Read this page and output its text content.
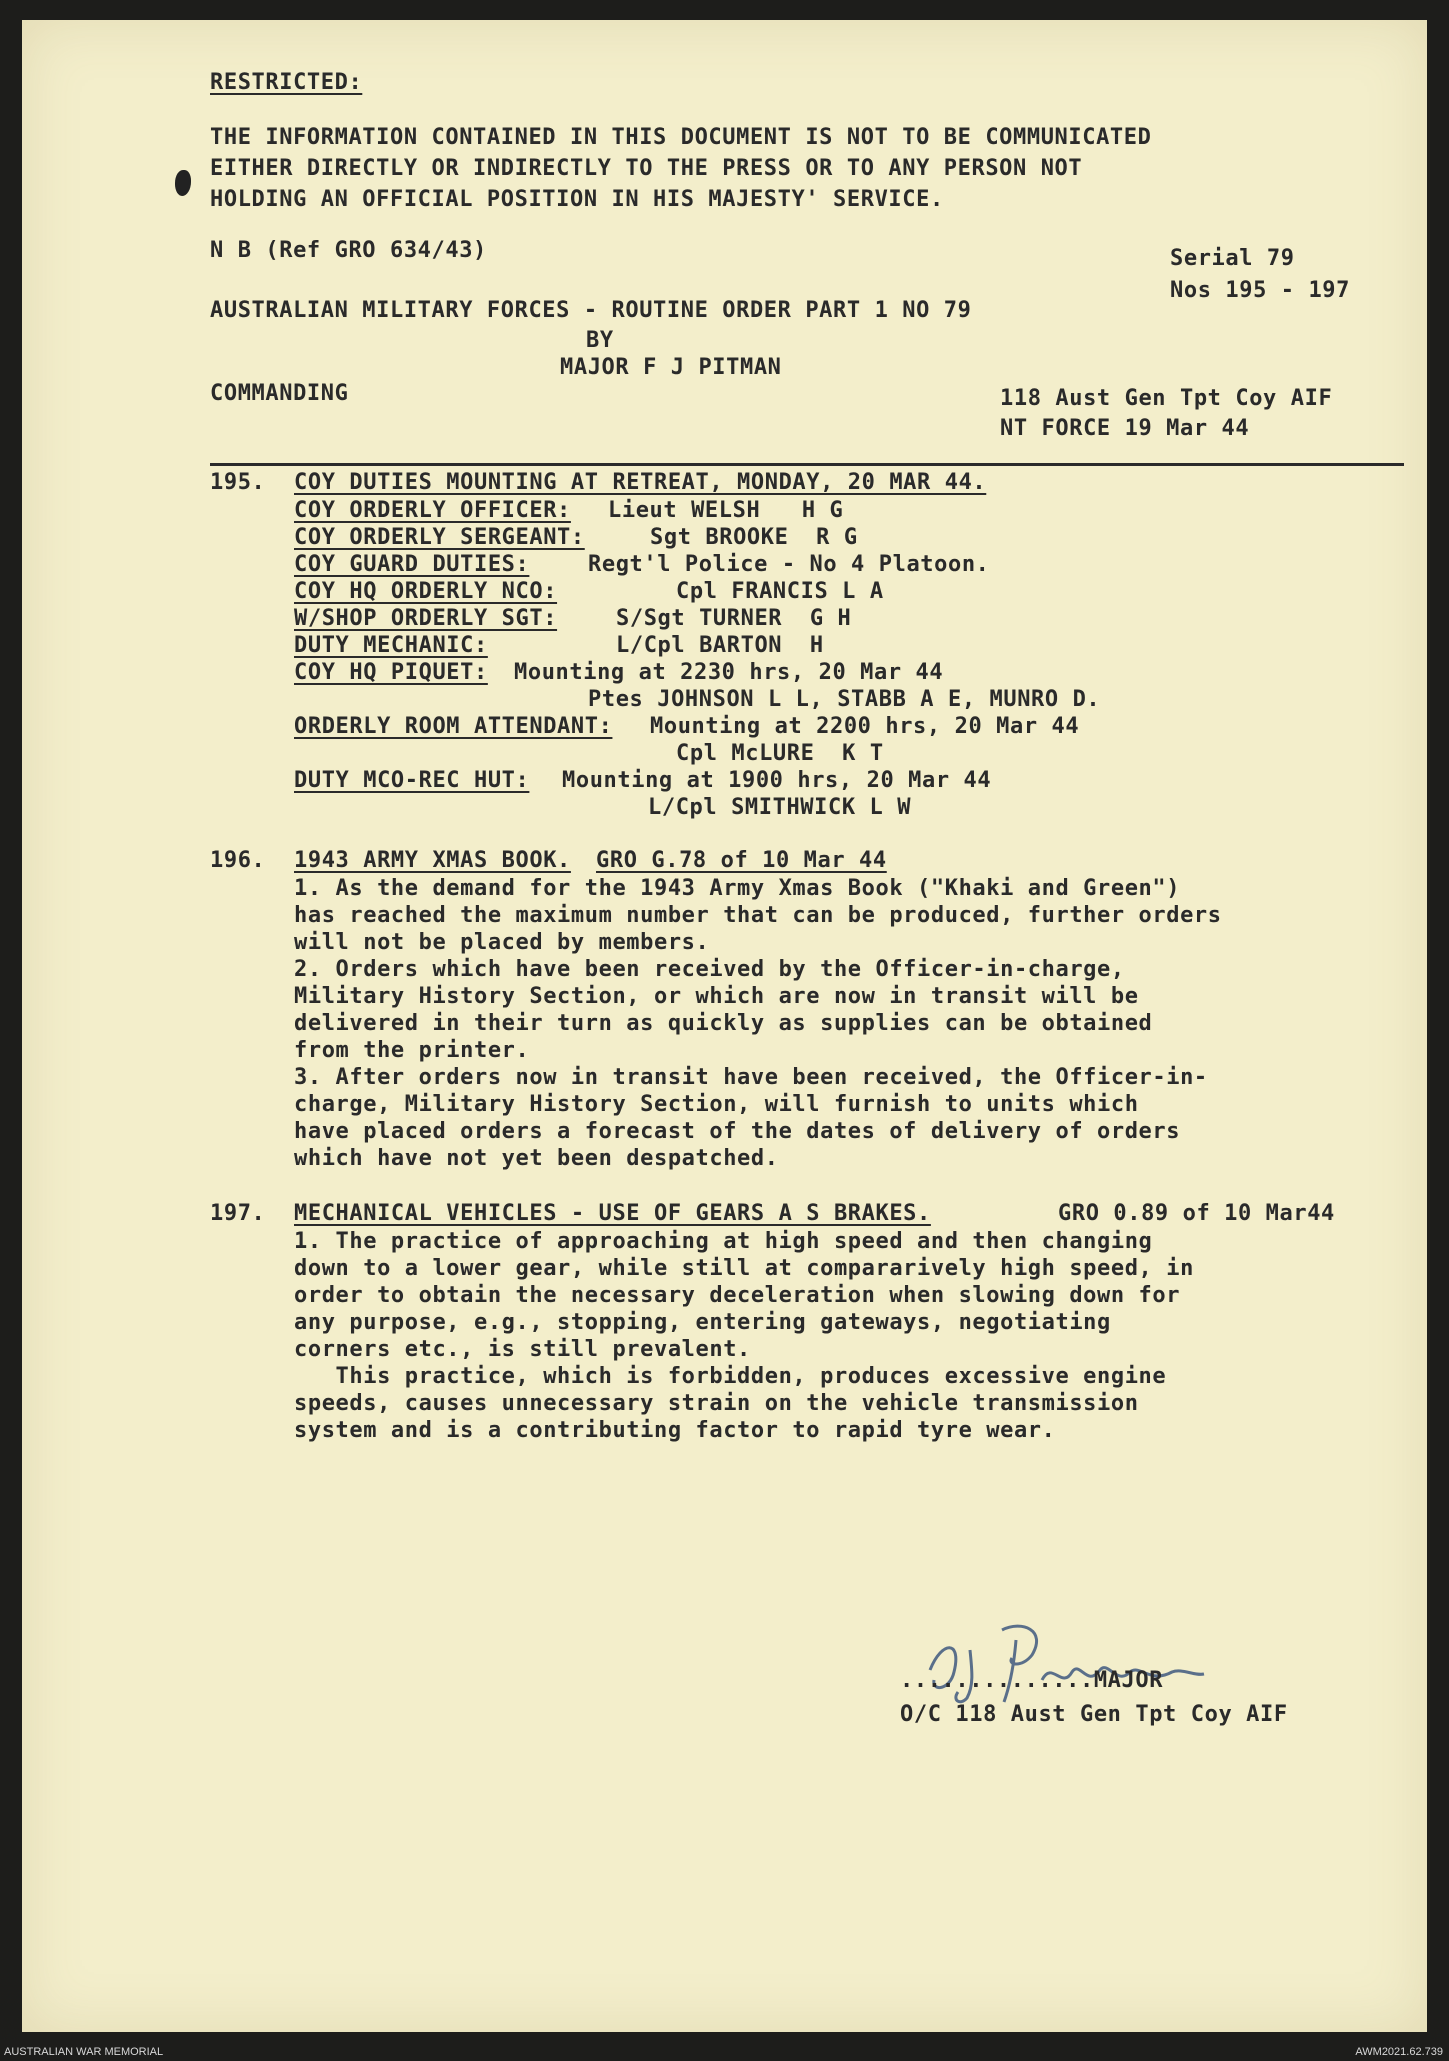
RESTRICTED:
THE INFORMATION CONTAINED IN THIS DOCUMENT IS NOT TO BE COMMUNICATED
EITHER DIRECTLY OR INDIRECTLY TO THE PRESS OR TO ANY PERSON NOT
HOLDING AN OFFICIAL POSITION IN HIS MAJESTY' SERVICE.
N B (Ref GRO 634/43)	Serial 79
Nos 195 - 197
AUSTRALIAN MILITARY FORCES - ROUTINE ORDER PART 1 NO 79
BY
MAJOR F J PITMAN
COMMANDING	118 Aust Gen Tpt Coy AIF
NT FORCE 19 Mar 44
195. COY DUTIES MOUNTING AT RETREAT, MONDAY, 20 MAR 44.
COY ORDERLY OFFICER: Lieut WELSH   H G
COY ORDERLY SERGEANT:	Sgt BROOKE  R G
COY GUARD DUTIES:	Regt'l Police - No 4 Platoon.
COY HQ ORDERLY NCO:	Cpl FRANCIS L A
W/SHOP ORDERLY SGT:	S/Sgt TURNER  G H
DUTY MECHANIC:	L/Cpl BARTON  H
COY HQ PIQUET: Mounting at 2230 hrs, 20 Mar 44
Ptes JOHNSON L L, STABB A E, MUNRO D.
ORDERLY ROOM ATTENDANT: Mounting at 2200 hrs, 20 Mar 44
Cpl McLURE  K T
DUTY MCO-REC HUT: Mounting at 1900 hrs, 20 Mar 44
L/Cpl SMITHWICK L W
196. 1943 ARMY XMAS BOOK. GRO G.78 of 10 Mar 44
1. As the demand for the 1943 Army Xmas Book ("Khaki and Green")
has reached the maximum number that can be produced, further orders
will not be placed by members.
2. Orders which have been received by the Officer-in-charge,
Military History Section, or which are now in transit will be
delivered in their turn as quickly as supplies can be obtained
from the printer.
3. After orders now in transit have been received, the Officer-in-
charge, Military History Section, will furnish to units which
have placed orders a forecast of the dates of delivery of orders
which have not yet been despatched.
197. MECHANICAL VEHICLES - USE OF GEARS A S BRAKES.	GRO 0.89 of 10 Mar44
1. The practice of approaching at high speed and then changing
down to a lower gear, while still at compararively high speed, in
order to obtain the necessary deceleration when slowing down for
any purpose, e.g., stopping, entering gateways, negotiating
corners etc., is still prevalent.
This practice, which is forbidden, produces excessive engine
speeds, causes unnecessary strain on the vehicle transmission
system and is a contributing factor to rapid tyre wear.
..............MAJOR
O/C 118 Aust Gen Tpt Coy AIF
AUSTRALIAN WAR MEMORIAL	AWM2021.62.739
